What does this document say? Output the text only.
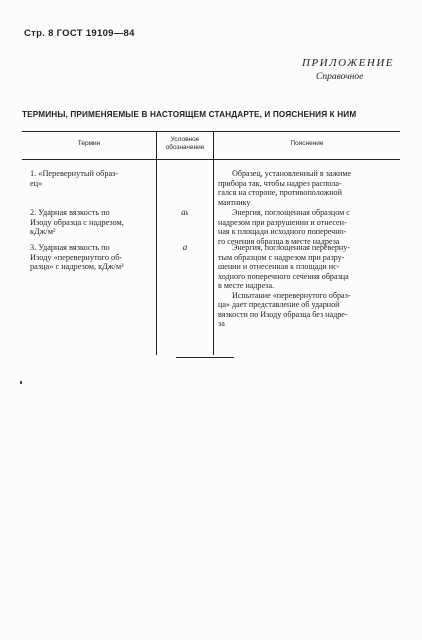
Стр. 8 ГОСТ 19109—84
ПРИЛОЖЕНИЕ
Справочное
ТЕРМИНЫ, ПРИМЕНЯЕМЫЕ В НАСТОЯЩЕМ СТАНДАРТЕ, И ПОЯСНЕНИЯ К НИМ
Термин
Условное
обозначение
Пояснение
1. «Перевернутый образ-
ец»
Образец, установленный в зажиме
прибора так, чтобы надрез располa-
гался на стороне, противоположной
маятнику
2. Ударная вязкость по
Изоду образца с надрезом,
кДж/м²
aₖ	Энергия, поглощенная образцом с
надрезом при разрушении и отнесен-
ная к площади исходного поперечно-
го сечения образца в месте надреза
3. Ударная вязкость по
Изоду «перевернутого об-
разца» с надрезом, кДж/м²
a	Энергия, поглощенная переверну-
тым образцом с надрезом при разру-
шении и отнесенная к площади ис-
ходного поперечного сечения образца
в месте надреза.
Испытание «перевернутого образ-
ца» дает представление об ударной
вязкости по Изоду образца без надре-
за
